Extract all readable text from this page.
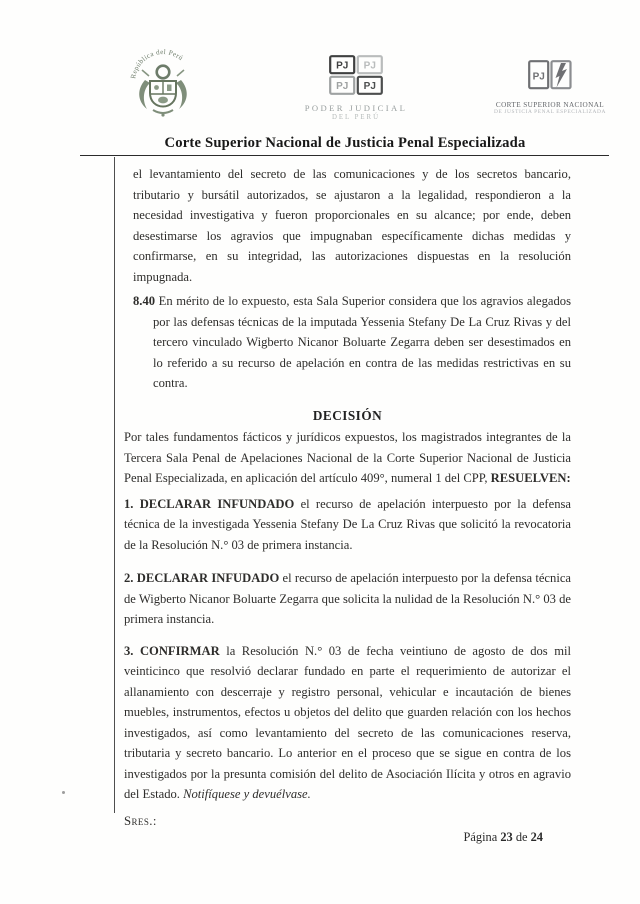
República del Perú
PJ PJ
PJ PJ
PODER JUDICIAL
DEL PERÚ
PJ
CORTE SUPERIOR NACIONAL
DE JUSTICIA PENAL ESPECIALIZADA
Corte Superior Nacional de Justicia Penal Especializada

el levantamiento del secreto de las comunicaciones y de los secretos bancario, tributario y bursátil autorizados, se ajustaron a la legalidad, respondieron a la necesidad investigativa y fueron proporcionales en su alcance; por ende, deben desestimarse los agravios que impugnaban específicamente dichas medidas y confirmarse, en su integridad, las autorizaciones dispuestas en la resolución impugnada.

8.40 En mérito de lo expuesto, esta Sala Superior considera que los agravios alegados por las defensas técnicas de la imputada Yessenia Stefany De La Cruz Rivas y del tercero vinculado Wigberto Nicanor Boluarte Zegarra deben ser desestimados en lo referido a su recurso de apelación en contra de las medidas restrictivas en su contra.

DECISIÓN

Por tales fundamentos fácticos y jurídicos expuestos, los magistrados integrantes de la Tercera Sala Penal de Apelaciones Nacional de la Corte Superior Nacional de Justicia Penal Especializada, en aplicación del artículo 409°, numeral 1 del CPP, RESUELVEN:

1. DECLARAR INFUNDADO el recurso de apelación interpuesto por la defensa técnica de la investigada Yessenia Stefany De La Cruz Rivas que solicitó la revocatoria de la Resolución N.° 03 de primera instancia.

2. DECLARAR INFUDADO el recurso de apelación interpuesto por la defensa técnica de Wigberto Nicanor Boluarte Zegarra que solicita la nulidad de la Resolución N.° 03 de primera instancia.

3. CONFIRMAR la Resolución N.° 03 de fecha veintiuno de agosto de dos mil veinticinco que resolvió declarar fundado en parte el requerimiento de autorizar el allanamiento con descerraje y registro personal, vehicular e incautación de bienes muebles, instrumentos, efectos u objetos del delito que guarden relación con los hechos investigados, así como levantamiento del secreto de las comunicaciones reserva, tributaria y secreto bancario. Lo anterior en el proceso que se sigue en contra de los investigados por la presunta comisión del delito de Asociación Ilícita y otros en agravio del Estado. Notifíquese y devuélvase.

Sres.:
Página 23 de 24
